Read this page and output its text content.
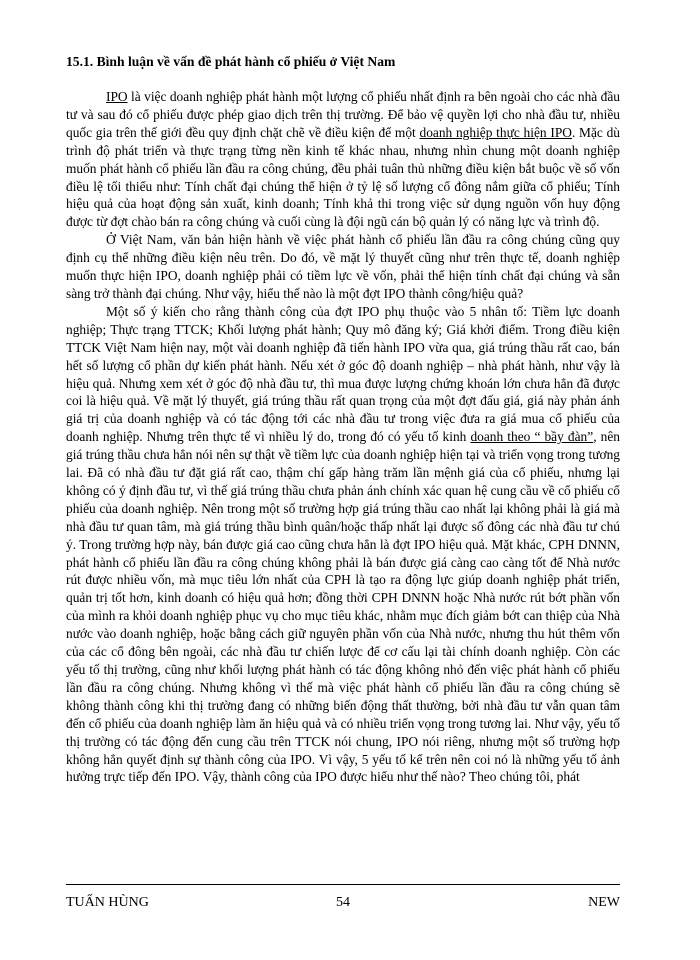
15.1. Bình luận về vấn đề phát hành cổ phiếu ở Việt Nam

IPO là việc doanh nghiệp phát hành một lượng cổ phiếu nhất định ra bên ngoài cho các nhà đầu tư và sau đó cổ phiếu được phép giao dịch trên thị trường. Để bảo vệ quyền lợi cho nhà đầu tư, nhiều quốc gia trên thế giới đều quy định chặt chẽ về điều kiện để một doanh nghiệp thực hiện IPO. Mặc dù trình độ phát triển và thực trạng từng nền kinh tế khác nhau, nhưng nhìn chung một doanh nghiệp muốn phát hành cổ phiếu lần đầu ra công chúng, đều phải tuân thủ những điều kiện bắt buộc về số vốn điều lệ tối thiểu như: Tính chất đại chúng thể hiện ở tỷ lệ số lượng cổ đông nắm giữa cổ phiếu; Tính hiệu quả của hoạt động sản xuất, kinh doanh; Tính khả thi trong việc sử dụng nguồn vốn huy động được từ đợt chào bán ra công chúng và cuối cùng là đội ngũ cán bộ quản lý có năng lực và trình độ.

Ở Việt Nam, văn bản hiện hành về việc phát hành cổ phiếu lần đầu ra công chúng cũng quy định cụ thể những điều kiện nêu trên. Do đó, về mặt lý thuyết cũng như trên thực tế, doanh nghiệp muốn thực hiện IPO, doanh nghiệp phải có tiềm lực về vốn, phải thể hiện tính chất đại chúng và sẵn sàng trở thành đại chúng. Như vậy, hiểu thế nào là một đợt IPO thành công/hiệu quả?

Một số ý kiến cho rằng thành công của đợt IPO phụ thuộc vào 5 nhân tố: Tiềm lực doanh nghiệp; Thực trạng TTCK; Khối lượng phát hành; Quy mô đăng ký; Giá khởi điểm. Trong điều kiện TTCK Việt Nam hiện nay, một vài doanh nghiệp đã tiến hành IPO vừa qua, giá trúng thầu rất cao, bán hết số lượng cổ phần dự kiến phát hành. Nếu xét ở góc độ doanh nghiệp – nhà phát hành, như vậy là hiệu quả. Nhưng xem xét ở góc độ nhà đầu tư, thì mua được lượng chứng khoán lớn chưa hẳn đã được coi là hiệu quả. Về mặt lý thuyết, giá trúng thầu rất quan trọng của một đợt đấu giá, giá này phản ánh giá trị của doanh nghiệp và có tác động tới các nhà đầu tư trong việc đưa ra giá mua cổ phiếu của doanh nghiệp. Nhưng trên thực tế vì nhiều lý do, trong đó có yếu tố kinh doanh theo “ bầy đàn”, nên giá trúng thầu chưa hẳn nói nên sự thật về tiềm lực của doanh nghiệp hiện tại và triển vọng trong tương lai. Đã có nhà đầu tư đặt giá rất cao, thậm chí gấp hàng trăm lần mệnh giá của cổ phiếu, nhưng lại không có ý định đầu tư, vì thế giá trúng thầu chưa phản ánh chính xác quan hệ cung cầu về cổ phiếu cổ phiếu của doanh nghiệp. Nên trong một số trường hợp giá trúng thầu cao nhất lại không phải là giá mà nhà đầu tư quan tâm, mà giá trúng thầu bình quân/hoặc thấp nhất lại được số đông các nhà đầu tư chú ý. Trong trường hợp này, bán được giá cao cũng chưa hẳn là đợt IPO hiệu quả. Mặt khác, CPH DNNN, phát hành cổ phiếu lần đầu ra công chúng không phải là bán được giá càng cao càng tốt để Nhà nước rút được nhiều vốn, mà mục tiêu lớn nhất của CPH là tạo ra động lực giúp doanh nghiệp phát triển, quản trị tốt hơn, kinh doanh có hiệu quả hơn; đồng thời CPH DNNN hoặc Nhà nước rút bớt phần vốn của mình ra khỏi doanh nghiệp phục vụ cho mục tiêu khác, nhằm mục đích giảm bớt can thiệp của Nhà nước vào doanh nghiệp, hoặc bằng cách giữ nguyên phần vốn của Nhà nước, nhưng thu hút thêm vốn của các cổ đông bên ngoài, các nhà đầu tư chiến lược để cơ cấu lại tài chính doanh nghiệp. Còn các yếu tố thị trường, cũng như khối lượng phát hành có tác động không nhỏ đến việc phát hành cổ phiếu lần đầu ra công chúng. Nhưng không vì thế mà việc phát hành cổ phiếu lần đầu ra công chúng sẽ không thành công khi thị trường đang có những biến động thất thường, bởi nhà đầu tư vẫn quan tâm đến cổ phiếu của doanh nghiệp làm ăn hiệu quả và có nhiều triển vọng trong tương lai. Như vậy, yếu tố thị trường có tác động đến cung cầu trên TTCK nói chung, IPO nói riêng, nhưng một số trường hợp không hẳn quyết định sự thành công của IPO. Vì vậy, 5 yếu tố kể trên nên coi nó là những yếu tố ảnh hưởng trực tiếp đến IPO. Vậy, thành công của IPO được hiểu như thế nào? Theo chúng tôi, phát

TUẤN HÙNG	54	NEW
